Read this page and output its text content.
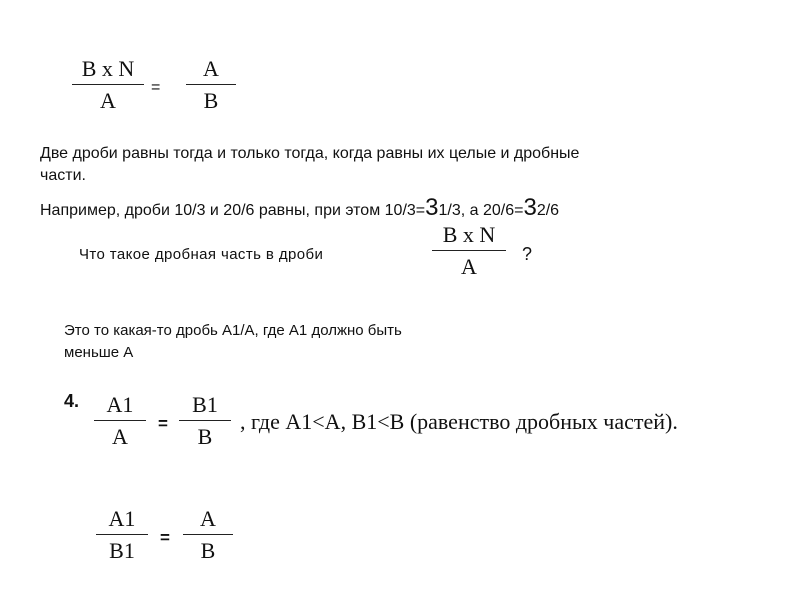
B x N
A
=
A
B
Две дроби равны тогда и только тогда, когда равны их целые и дробные
части.
Например, дроби 10/3 и 20/6 равны, при этом 10/3=31/3, а 20/6=32/6
Что такое дробная часть в дроби
B x N
A	?
Это то какая-то дробь А1/А, где А1 должно быть
меньше А
4.	A1
A
=
B1
B
, где A1<A, B1<B (равенство дробных частей).
A1
B1
=
A
B
